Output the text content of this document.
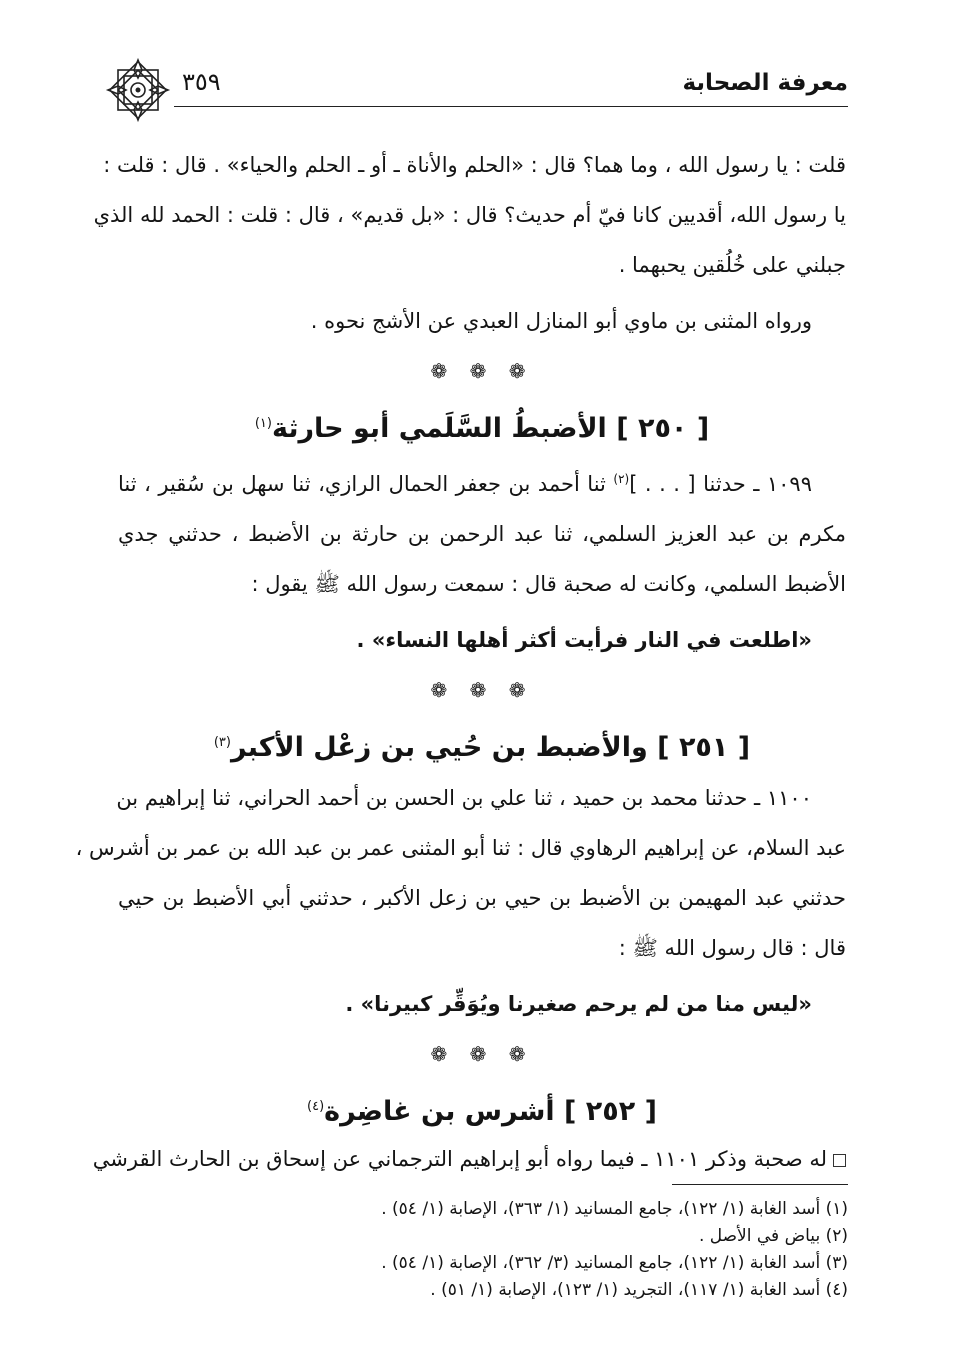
معرفة الصحابة
٣٥٩

قلت : يا رسول الله ، وما هما؟ قال : «الحلم والأناة ـ أو ـ الحلم والحياء» . قال : قلت :

يا رسول الله، أقديين كانا فيّ أم حديث؟ قال : «بل قديم» ، قال : قلت : الحمد لله الذي

جبلني على خُلُقين يحبهما .

ورواه المثنى بن ماوي أبو المنازل العبدي عن الأشج نحوه .

❁ ❁ ❁
[ ٢٥٠ ] الأضبطُ السَّلَمي أبو حارثة$^{(١)}$

١٠٩٩ ـ حدثنا [ . . . ]$^{(٢)}$ ثنا أحمد بن جعفر الحمال الرازي، ثنا سهل بن سُقير ، ثنا

مكرم بن عبد العزيز السلمي، ثنا عبد الرحمن بن حارثة بن الأضبط ، حدثني جدي

الأضبط السلمي، وكانت له صحبة قال : سمعت رسول الله ﷺ يقول :

«اطلعت في النار فرأيت أكثر أهلها النساء» .

❁ ❁ ❁
[ ٢٥١ ] والأضبط بن حُيي بن زعْل الأكبر$^{(٣)}$

١١٠٠ ـ حدثنا محمد بن حميد ، ثنا علي بن الحسن بن أحمد الحراني، ثنا إبراهيم بن

عبد السلام، عن إبراهيم الرهاوي قال : ثنا أبو المثنى عمر بن عبد الله بن عمر بن أشرس ،

حدثني عبد المهيمن بن الأضبط بن حيي بن زعل الأكبر ، حدثني أبي الأضبط بن حيي

قال : قال رسول الله ﷺ :

«ليس منا من لم يرحم صغيرنا ويُوَقِّر كبيرنا» .

❁ ❁ ❁
[ ٢٥٢ ] أشرس بن غاضِرة$^{(٤)}$
له صحبة وذكر ١١٠١ ـ فيما رواه أبو إبراهيم الترجماني عن إسحاق بن الحارث القرشي
(١) أسد الغابة (١/ ١٢٢)، جامع المسانيد (١/ ٣٦٣)، الإصابة (١/ ٥٤) .
(٢) بياض في الأصل .
(٣) أسد الغابة (١/ ١٢٢)، جامع المسانيد (٣/ ٣٦٢)، الإصابة (١/ ٥٤) .
(٤) أسد الغابة (١/ ١١٧)، التجريد (١/ ١٢٣)، الإصابة (١/ ٥١) .
